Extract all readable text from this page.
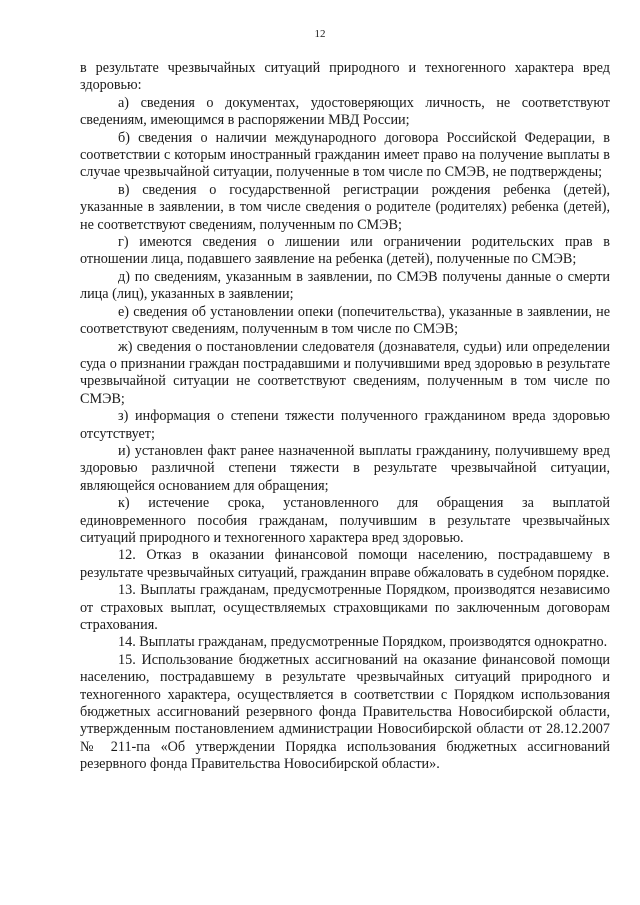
12

в результате чрезвычайных ситуаций природного и техногенного характера вред здоровью:

а) сведения о документах, удостоверяющих личность, не соответствуют сведениям, имеющимся в распоряжении МВД России;

б) сведения о наличии международного договора Российской Федерации, в соответствии с которым иностранный гражданин имеет право на получение выплаты в случае чрезвычайной ситуации, полученные в том числе по СМЭВ, не подтверждены;

в) сведения о государственной регистрации рождения ребенка (детей), указанные в заявлении, в том числе сведения о родителе (родителях) ребенка (детей), не соответствуют сведениям, полученным по СМЭВ;

г) имеются сведения о лишении или ограничении родительских прав в отношении лица, подавшего заявление на ребенка (детей), полученные по СМЭВ;

д) по сведениям, указанным в заявлении, по СМЭВ получены данные о смерти лица (лиц), указанных в заявлении;

е) сведения об установлении опеки (попечительства), указанные в заявлении, не соответствуют сведениям, полученным в том числе по СМЭВ;

ж) сведения о постановлении следователя (дознавателя, судьи) или определении суда о признании граждан пострадавшими и получившими вред здоровью в результате чрезвычайной ситуации не соответствуют сведениям, полученным в том числе по СМЭВ;

з) информация о степени тяжести полученного гражданином вреда здоровью отсутствует;

и) установлен факт ранее назначенной выплаты гражданину, получившему вред здоровью различной степени тяжести в результате чрезвычайной ситуации, являющейся основанием для обращения;

к) истечение срока, установленного для обращения за выплатой единовременного пособия гражданам, получившим в результате чрезвычайных ситуаций природного и техногенного характера вред здоровью.

12. Отказ в оказании финансовой помощи населению, пострадавшему в результате чрезвычайных ситуаций, гражданин вправе обжаловать в судебном порядке.

13. Выплаты гражданам, предусмотренные Порядком, производятся независимо от страховых выплат, осуществляемых страховщиками по заключенным договорам страхования.

14. Выплаты гражданам, предусмотренные Порядком, производятся однократно.

15. Использование бюджетных ассигнований на оказание финансовой помощи населению, пострадавшему в результате чрезвычайных ситуаций природного и техногенного характера, осуществляется в соответствии с Порядком использования бюджетных ассигнований резервного фонда Правительства Новосибирской области, утвержденным постановлением администрации Новосибирской области от 28.12.2007 № 211-па «Об утверждении Порядка использования бюджетных ассигнований резервного фонда Правительства Новосибирской области».
